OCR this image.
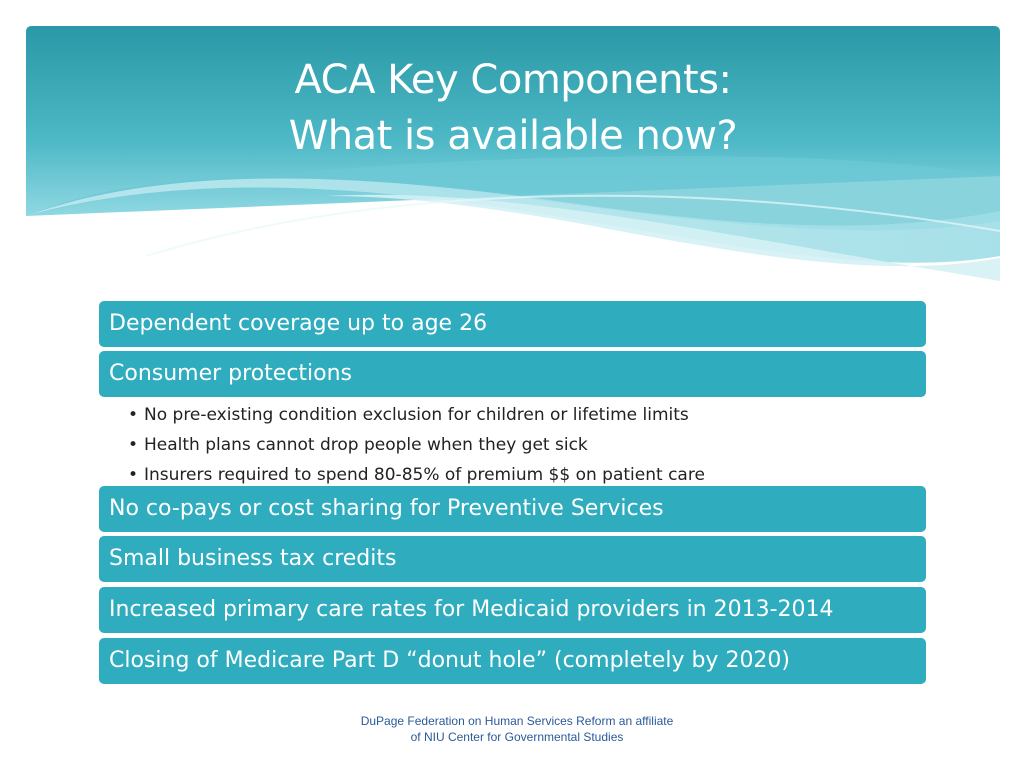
ACA Key Components:
What is available now?
Dependent coverage up to age 26
Consumer protections
• No pre-existing condition exclusion for children or lifetime limits
• Health plans cannot drop people when they get sick
• Insurers required to spend 80-85% of premium $$ on patient care
No co-pays or cost sharing for Preventive Services
Small business tax credits
Increased primary care rates for Medicaid providers in 2013-2014
Closing of Medicare Part D “donut hole” (completely by 2020)
DuPage Federation on Human Services Reform an affiliate
of NIU Center for Governmental Studies
